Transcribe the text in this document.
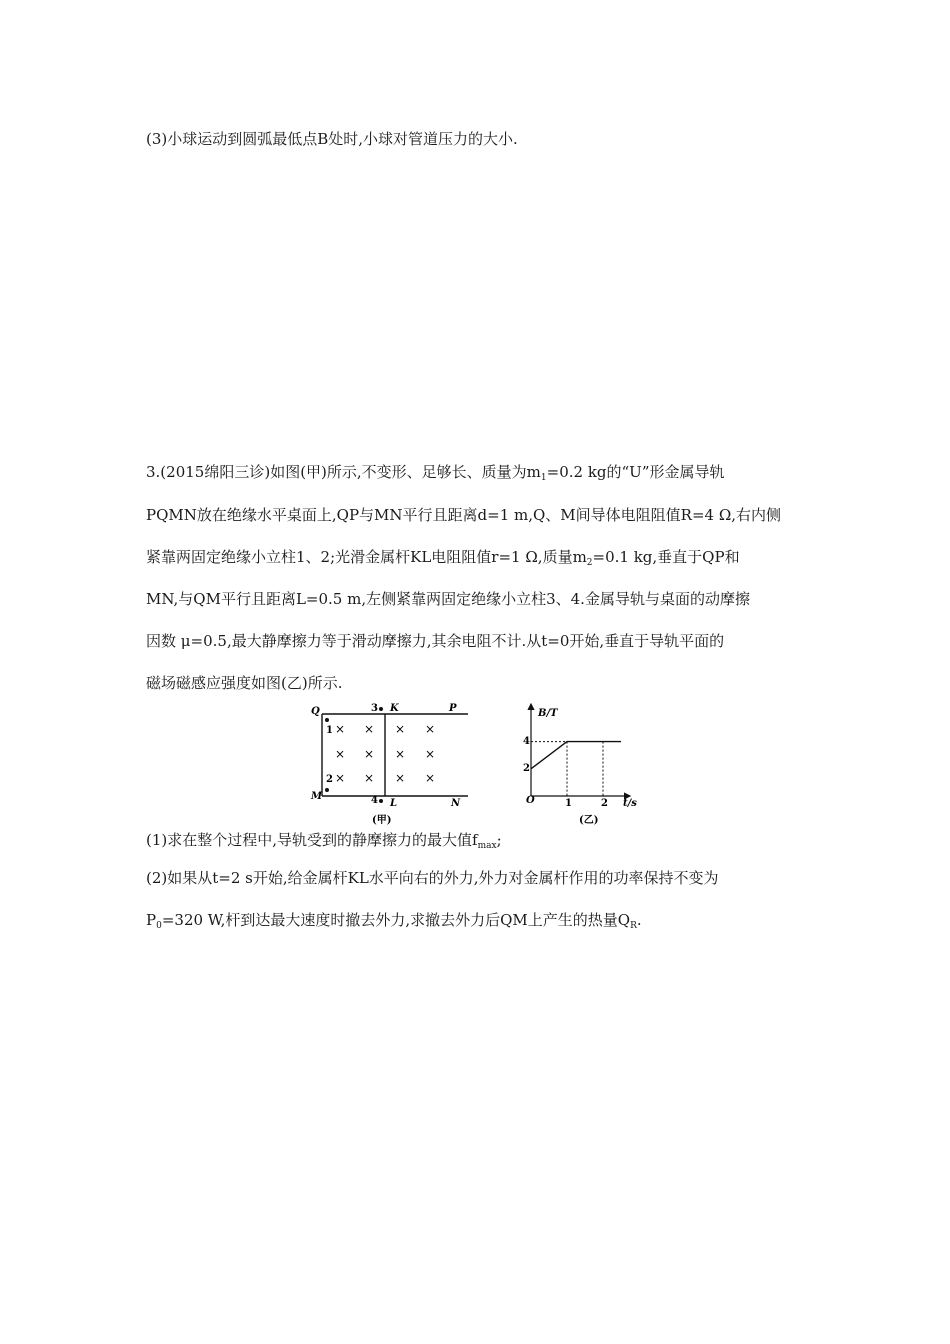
(3)小球运动到圆弧最低点B处时,小球对管道压力的大小.
3.(2015绵阳三诊)如图(甲)所示,不变形、足够长、质量为$m_1=0.2$ kg的“U”形金属导轨
PQMN放在绝缘水平桌面上,QP与MN平行且距离d=1 m,Q、M间导体电阻阻值R=4 Ω,右内侧
紧靠两固定绝缘小立柱1、2;光滑金属杆KL电阻阻值r=1 Ω,质量$m_2=0.1$ kg,垂直于QP和
MN,与QM平行且距离L=0.5 m,左侧紧靠两固定绝缘小立柱3、4.金属导轨与桌面的动摩擦
因数 μ=0.5,最大静摩擦力等于滑动摩擦力,其余电阻不计.从t=0开始,垂直于导轨平面的
磁场磁感应强度如图(乙)所示.
Q	P
M
N
K
L
1
2
3
4
× × × ×
× × × ×
× × × ×
(甲)
B/T
t/s
O
2
4
1	2
(乙)
(1)求在整个过程中,导轨受到的静摩擦力的最大值$f_{max}$;
(2)如果从t=2 s开始,给金属杆KL水平向右的外力,外力对金属杆作用的功率保持不变为
$P_0=320$ W,杆到达最大速度时撤去外力,求撤去外力后QM上产生的热量$Q_R$.
